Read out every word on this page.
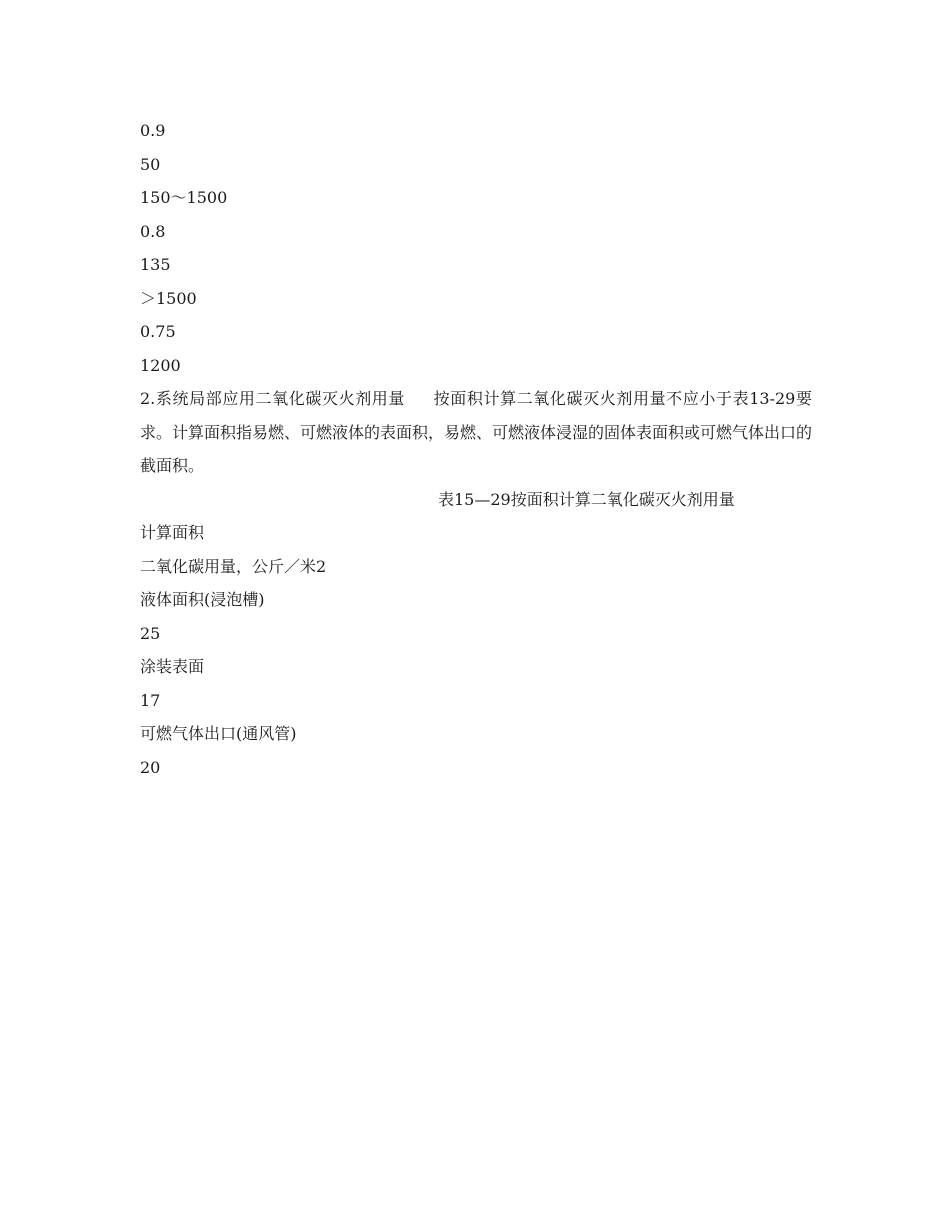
0.9
50
150～1500
0.8
135
＞1500
0.75
1200
2.系统局部应用二氧化碳灭火剂用量 按面积计算二氧化碳灭火剂用量不应小于表13-29要求。计算面积指易燃、可燃液体的表面积，易燃、可燃液体浸湿的固体表面积或可燃气体出口的截面积。
表15—29按面积计算二氧化碳灭火剂用量
计算面积
二氧化碳用量，公斤／米2
液体面积(浸泡槽)
25
涂装表面
17
可燃气体出口(通风管)
20
